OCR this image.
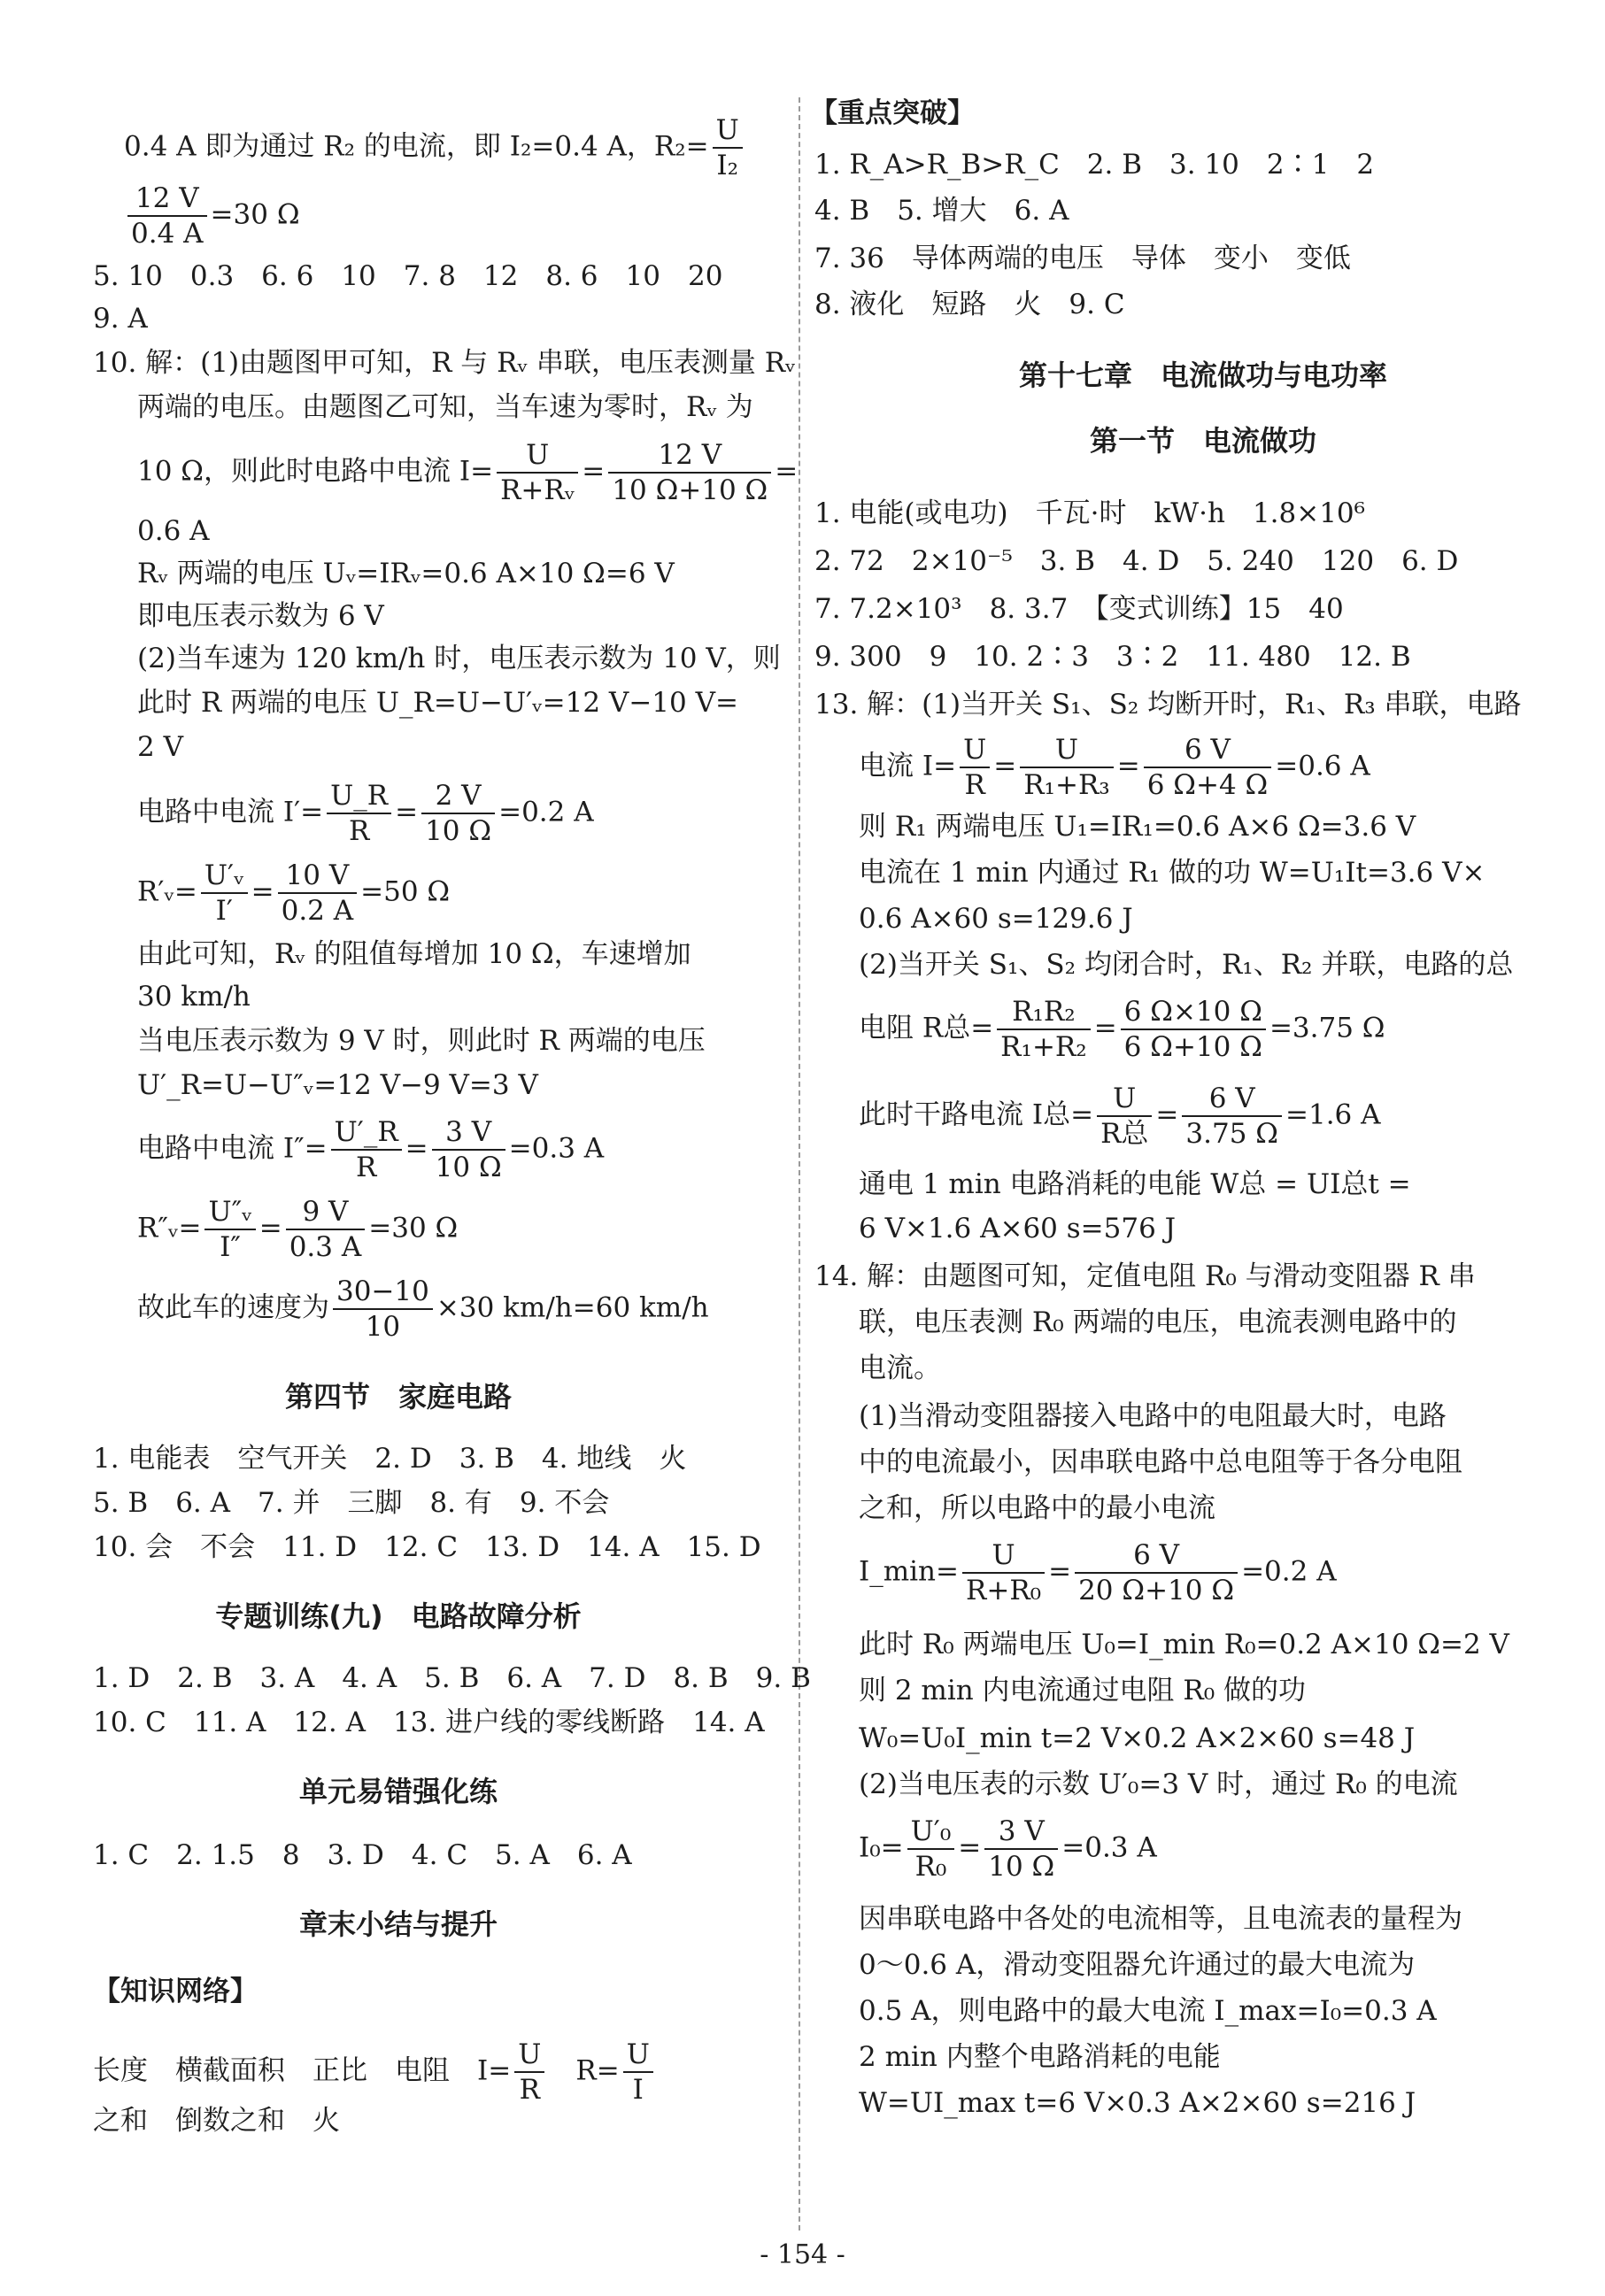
0.4 A 即为通过 R₂ 的电流，即 I₂=0.4 A，$R_2= \frac{U}{\text{I₂}}$
$\frac{12 V}{0.4 A} =30$ Ω
5. 10　0.3　6. 6　10　7. 8　12　8. 6　10　20
9. A
10. 解：(1)由题图甲可知，R 与 Rᵥ 串联，电压表测量 Rᵥ
两端的电压。由题图乙可知，当车速为零时，Rᵥ 为
10 Ω，则此时电路中电流 $I= \frac{U}{\text{R+Rᵥ}} = \frac{12 V}{10 \Omega+10 \Omega}$ =
0.6 A
Rᵥ 两端的电压 Uᵥ=IRᵥ=0.6 A×10 Ω=6 V
即电压表示数为 6 V
(2)当车速为 120 km/h 时，电压表示数为 10 V，则
此时 R 两端的电压 U_R=U−U′ᵥ=12 V−10 V=
2 V
电路中电流 $I'= \frac{U\_R}{R} = \frac{2 V}{10 \Omega} =0.2$ A
R′ᵥ= $\frac{\text{U′ᵥ}}{I'} = \frac{10 V}{0.2 A} =50$ Ω
由此可知，Rᵥ 的阻值每增加 10 Ω，车速增加
30 km/h
当电压表示数为 9 V 时，则此时 R 两端的电压
U′_R=U−U″ᵥ=12 V−9 V=3 V
电路中电流 $I''= \frac{U'\_R}{R} = \frac{3 V}{10 \Omega} =0.3$ A
R″ᵥ= $\frac{\text{U″ᵥ}}{I''} = \frac{9 V}{0.3 A} =30$ Ω
故此车的速度为 $\frac{30-10}{10} \times 30$ km/h=60 km/h
第四节　家庭电路
1. 电能表　空气开关　2. D　3. B　4. 地线　火
5. B　6. A　7. 并　三脚　8. 有　9. 不会
10. 会　不会　11. D　12. C　13. D　14. A　15. D
专题训练(九)　电路故障分析
1. D　2. B　3. A　4. A　5. B　6. A　7. D　8. B　9. B
10. C　11. A　12. A　13. 进户线的零线断路　14. A
单元易错强化练
1. C　2. 1.5　8　3. D　4. C　5. A　6. A
章末小结与提升
【知识网络】
长度　横截面积　正比　电阻　$I= \frac{U}{R}$
　 $R= \frac{U}{I}$
之和　倒数之和　火
【重点突破】
1. R_A>R_B>R_C　2. B　3. 10　2∶1　2
4. B　5. 增大　6. A
7. 36　导体两端的电压　导体　变小　变低
8. 液化　短路　火　9. C
第十七章　电流做功与电功率
第一节　电流做功
1. 电能(或电功)　千瓦·时　kW·h　1.8×10⁶
2. 72　2×10⁻⁵　3. B　4. D　5. 240　120　6. D
7. 7.2×10³　8. 3.7　【变式训练】15　40
9. 300　9　10. 2∶3　3∶2　11. 480　12. B
13. 解：(1)当开关 S₁、S₂ 均断开时，R₁、R₃ 串联，电路
电流 $I= \frac{U}{R} = \frac{U}{\text{R₁+R₃}} = \frac{6 V}{6 \Omega+4 \Omega} =0.6$ A
则 R₁ 两端电压 U₁=IR₁=0.6 A×6 Ω=3.6 V
电流在 1 min 内通过 R₁ 做的功 W=U₁It=3.6 V×
0.6 A×60 s=129.6 J
(2)当开关 S₁、S₂ 均闭合时，R₁、R₂ 并联，电路的总
电阻 R总= $\frac{\text{R₁R₂}}{\text{R₁+R₂}} = \frac{6 \Omega\times 10 \Omega}{6 \Omega+10 \Omega} =3.75$ Ω
此时干路电流 I总= $\frac{U}{\text{R总}} = \frac{6 V}{3.75 \Omega} =1.6$ A
通电 1 min 电路消耗的电能 W总 = UI总t =
6 V×1.6 A×60 s=576 J
14. 解：由题图可知，定值电阻 R₀ 与滑动变阻器 R 串
联，电压表测 R₀ 两端的电压，电流表测电路中的
电流。
(1)当滑动变阻器接入电路中的电阻最大时，电路
中的电流最小，因串联电路中总电阻等于各分电阻
之和，所以电路中的最小电流
I_min= $\frac{U}{\text{R+R₀}} = \frac{6 V}{20 \Omega+10 \Omega} =0.2$ A
此时 R₀ 两端电压 U₀=I_min R₀=0.2 A×10 Ω=2 V
则 2 min 内电流通过电阻 R₀ 做的功
W₀=U₀I_min t=2 V×0.2 A×2×60 s=48 J
(2)当电压表的示数 U′₀=3 V 时，通过 R₀ 的电流
$I_0= \frac{\text{U′₀}}{\text{R₀}} = \frac{3 V}{10 \Omega} =0.3$ A
因串联电路中各处的电流相等，且电流表的量程为
0～0.6 A，滑动变阻器允许通过的最大电流为
0.5 A，则电路中的最大电流 I_max=I₀=0.3 A
2 min 内整个电路消耗的电能
W=UI_max t=6 V×0.3 A×2×60 s=216 J
- 154 -
